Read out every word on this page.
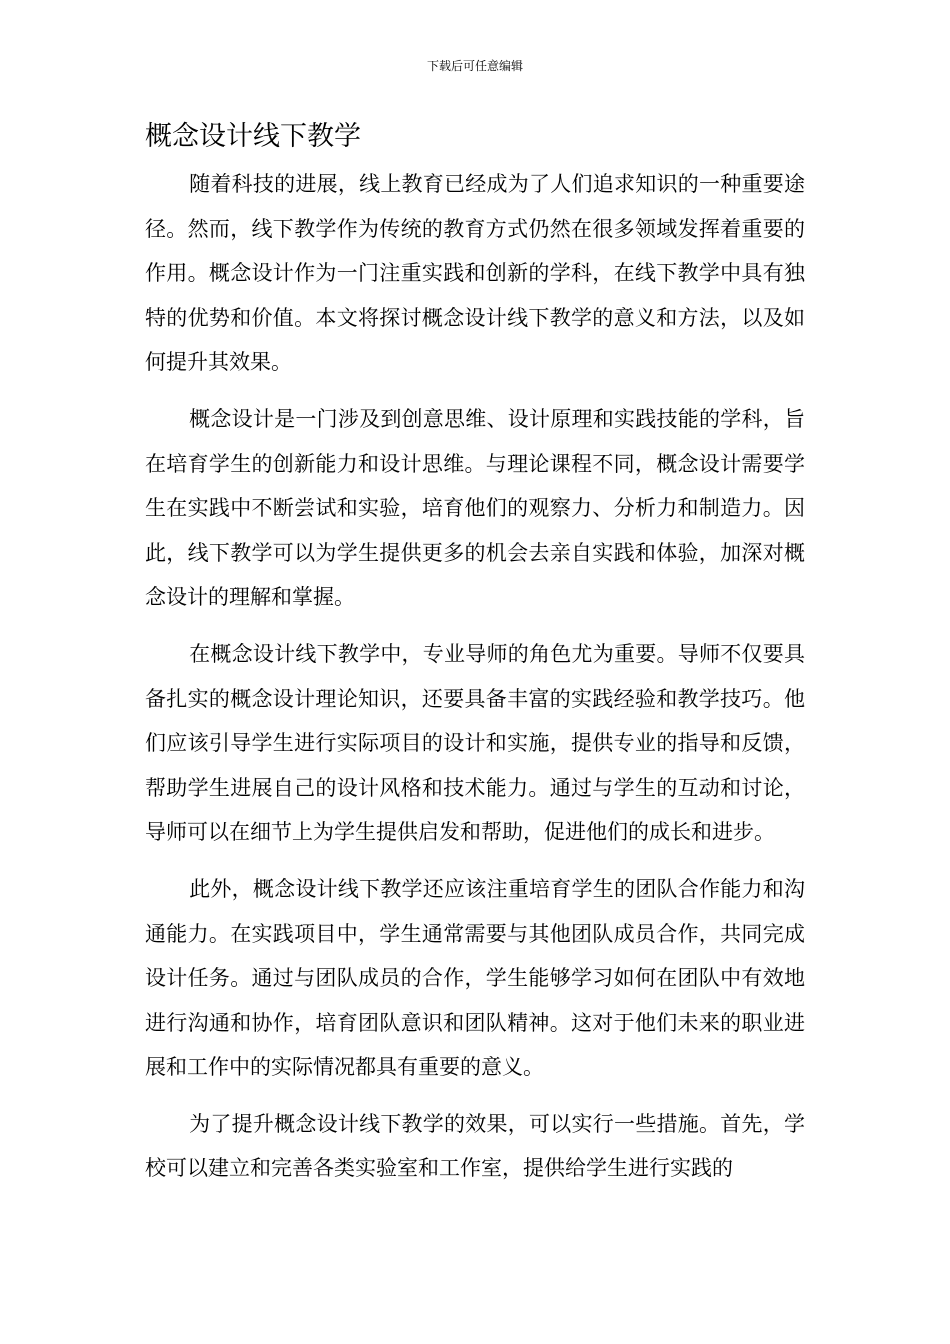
下载后可任意编辑
概念设计线下教学

随着科技的进展，线上教育已经成为了人们追求知识的一种重要途径。然而，线下教学作为传统的教育方式仍然在很多领域发挥着重要的作用。概念设计作为一门注重实践和创新的学科，在线下教学中具有独特的优势和价值。本文将探讨概念设计线下教学的意义和方法，以及如何提升其效果。

概念设计是一门涉及到创意思维、设计原理和实践技能的学科，旨在培育学生的创新能力和设计思维。与理论课程不同，概念设计需要学生在实践中不断尝试和实验，培育他们的观察力、分析力和制造力。因此，线下教学可以为学生提供更多的机会去亲自实践和体验，加深对概念设计的理解和掌握。

在概念设计线下教学中，专业导师的角色尤为重要。导师不仅要具备扎实的概念设计理论知识，还要具备丰富的实践经验和教学技巧。他们应该引导学生进行实际项目的设计和实施，提供专业的指导和反馈，帮助学生进展自己的设计风格和技术能力。通过与学生的互动和讨论，导师可以在细节上为学生提供启发和帮助，促进他们的成长和进步。

此外，概念设计线下教学还应该注重培育学生的团队合作能力和沟通能力。在实践项目中，学生通常需要与其他团队成员合作，共同完成设计任务。通过与团队成员的合作，学生能够学习如何在团队中有效地进行沟通和协作，培育团队意识和团队精神。这对于他们未来的职业进展和工作中的实际情况都具有重要的意义。

为了提升概念设计线下教学的效果，可以实行一些措施。首先，学校可以建立和完善各类实验室和工作室，提供给学生进行实践的
